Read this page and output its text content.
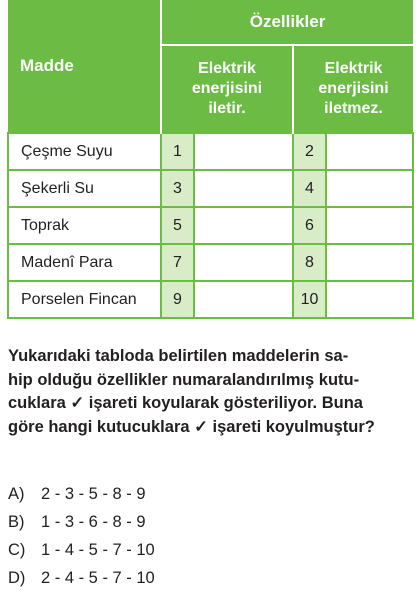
Madde	Özellikler			

	Elektrik
enerjisini
iletir.		Elektrik
enerjisini
iletmez.	

Çeşme Suyu	1		2	
Şekerli Su	3		4	
Toprak	5		6	
Madenî Para	7		8	
Porselen Fincan	9		10	
Yukarıdaki tabloda belirtilen maddelerin sa-
hip olduğu özellikler numaralandırılmış kutu-
cuklara ✓ işareti koyularak gösteriliyor. Buna
göre hangi kutucuklara ✓ işareti koyulmuştur?
A)	2 - 3 - 5 - 8 - 9
B)	1 - 3 - 6 - 8 - 9
C) 1 - 4 - 5 - 7 - 10
D) 2 - 4 - 5 - 7 - 10
